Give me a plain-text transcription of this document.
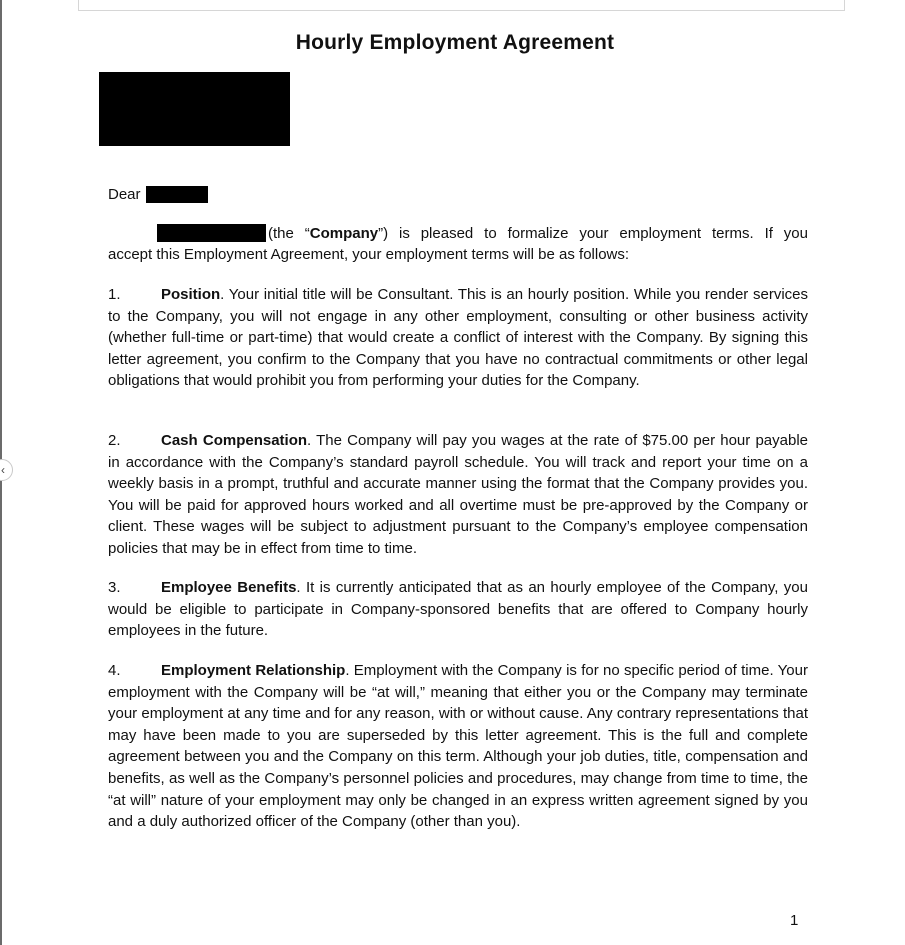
‹
Hourly Employment Agreement
Dear
(the “Company”) is pleased to formalize your employment terms. If you
accept this Employment Agreement, your employment terms will be as follows:
1.	Position. Your initial title will be Consultant. This is an hourly position. While you render services to the Company, you will not engage in any other employment, consulting or other business activity (whether full-time or part-time) that would create a conflict of interest with the Company. By signing this letter agreement, you confirm to the Company that you have no contractual commitments or other legal obligations that would prohibit you from performing your duties for the Company.
2.	Cash Compensation. The Company will pay you wages at the rate of $75.00 per hour payable in accordance with the Company’s standard payroll schedule. You will track and report your time on a weekly basis in a prompt, truthful and accurate manner using the format that the Company provides you. You will be paid for approved hours worked and all overtime must be pre-approved by the Company or client. These wages will be subject to adjustment pursuant to the Company’s employee compensation policies that may be in effect from time to time.
3.	Employee Benefits. It is currently anticipated that as an hourly employee of the Company, you would be eligible to participate in Company-sponsored benefits that are offered to Company hourly employees in the future.
4.	Employment Relationship. Employment with the Company is for no specific period of time. Your employment with the Company will be “at will,” meaning that either you or the Company may terminate your employment at any time and for any reason, with or without cause. Any contrary representations that may have been made to you are superseded by this letter agreement. This is the full and complete agreement between you and the Company on this term. Although your job duties, title, compensation and benefits, as well as the Company’s personnel policies and procedures, may change from time to time, the “at will” nature of your employment may only be changed in an express written agreement signed by you and a duly authorized officer of the Company (other than you).
1
